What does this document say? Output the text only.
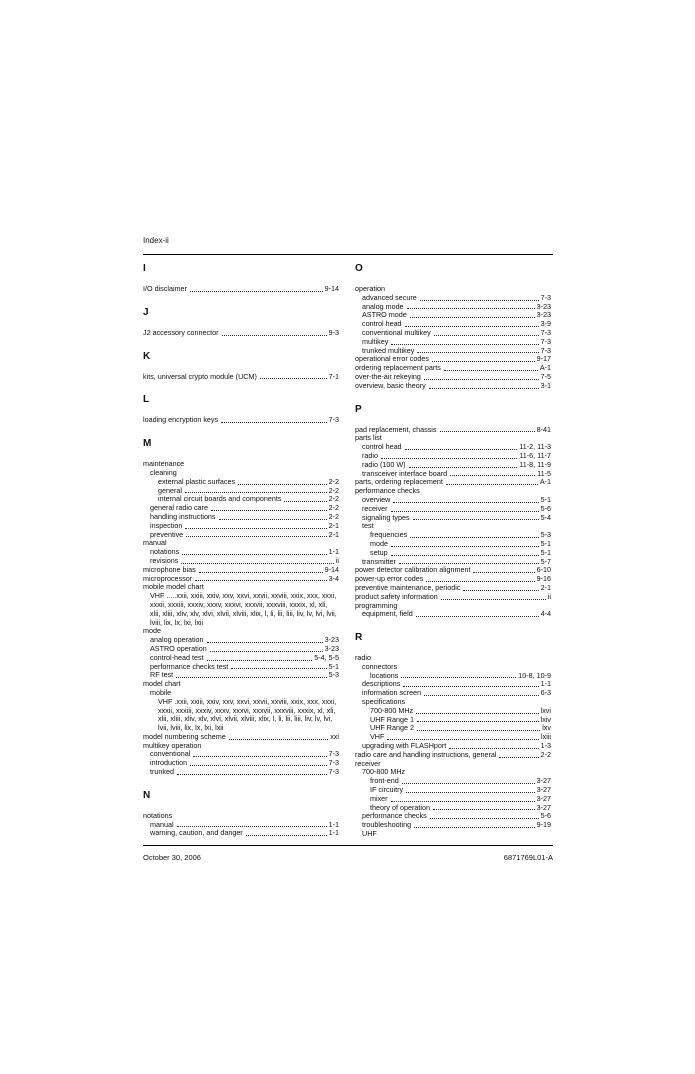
Index-ii
I
I/O disclaimer	9-14
J
J2 accessory connector	9-3
K
kits, universal crypto module (UCM)	7-1
L
loading encryption keys	7-3
M
maintenance
cleaning
external plastic surfaces	2-2
general	2-2
internal circuit boards and components	2-2
general radio care	2-2
handling instructions	2-2
inspection	2-1
preventive	2-1
manual
notations	1-1
revisions	ii
microphone bias	9-14
microprocessor	3-4
mobile model chart
VHF .....xxii, xxiii, xxiv, xxv, xxvi, xxvii, xxviii, xxix, xxx, xxxi, xxxii, xxxiii, xxxiv, xxxv, xxxvi, xxxvii, xxxviii, xxxix, xl, xli, xlii, xliii, xliv, xlv, xlvi, xlvii, xlviii, xlix, l, li, lii, liii, liv, lv, lvi, lvii, lviii, lix, lx, lxi, lxii
mode
analog operation	3-23
ASTRO operation	3-23
control-head test	5-4, 5-5
performance checks test	5-1
RF test	5-3
model chart
mobile
VHF .xxii, xxiii, xxiv, xxv, xxvi, xxvii, xxviii, xxix, xxx, xxxi, xxxii, xxxiii, xxxiv, xxxv, xxxvi, xxxvii, xxxviii, xxxix, xl, xli, xlii, xliii, xliv, xlv, xlvi, xlvii, xlviii, xlix, l, li, lii, liii, liv, lv, lvi, lvii, lviii, lix, lx, lxi, lxii
model numbering scheme	xxi
multikey operation
conventional	7-3
introduction	7-3
trunked	7-3
N
notations
manual	1-1
warning, caution, and danger	1-1
O
operation
advanced secure	7-3
analog mode	3-23
ASTRO mode	3-23
control head	3-9
conventional multikey	7-3
multikey	7-3
trunked multikey	7-3
operational error codes	9-17
ordering replacement parts	A-1
over-the-air rekeying	7-5
overview, basic theory	3-1
P
pad replacement, chassis	8-41
parts list
control head	11-2, 11-3
radio	11-6, 11-7
radio (100 W)	11-8, 11-9
transceiver interface board	11-5
parts, ordering replacement	A-1
performance checks
overview	5-1
receiver	5-6
signaling types	5-4
test
frequencies	5-3
mode	5-1
setup	5-1
transmitter	5-7
power detector calibration alignment	6-10
power-up error codes	9-16
preventive maintenance, periodic	2-1
product safety information	ii
programming
equipment, field	4-4
R
radio
connectors
locations	10-8, 10-9
descriptions	1-1
information screen	6-3
specifications
700-800 MHz	lxvi
UHF Range 1	lxiv
UHF Range 2	lxv
VHF	lxiii
upgrading with FLASHport	1-3
radio care and handling instructions, general	2-2
receiver
700-800 MHz
front-end	3-27
IF circuitry	3-27
mixer	3-27
theory of operation	3-27
performance checks	5-6
troubleshooting	9-19
UHF
October 30, 2006	6871769L01-A
